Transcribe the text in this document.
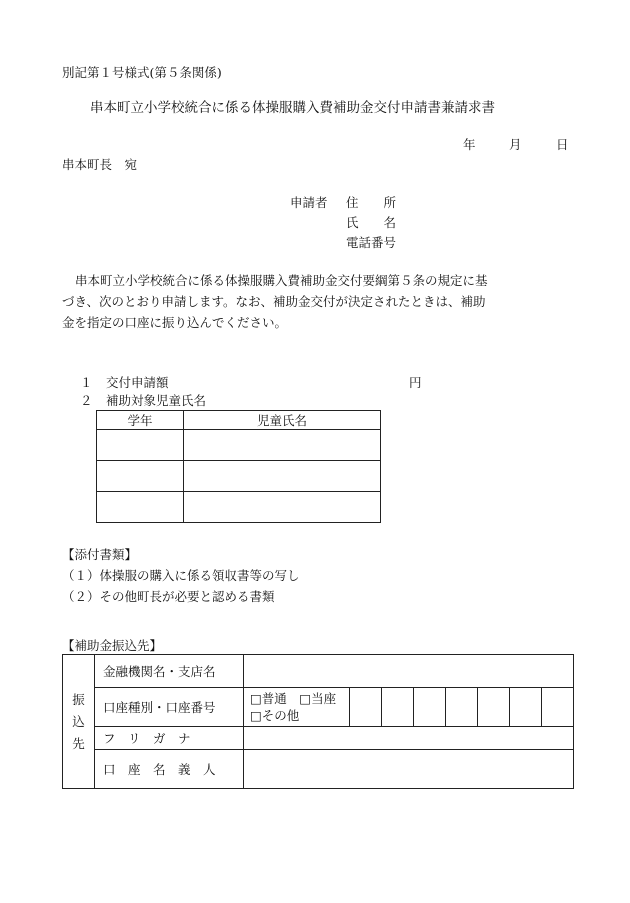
別記第１号様式(第５条関係)
串本町立小学校統合に係る体操服購入費補助金交付申請書兼請求書
年	月	日
串本町長　宛
申請者 住　　所
氏　　名
電話番号
串本町立小学校統合に係る体操服購入費補助金交付要綱第５条の規定に基
づき、次のとおり申請します。なお、補助金交付が決定されたときは、補助
金を指定の口座に振り込んでください。
１ 交付申請額	円
２ 補助対象児童氏名
学年	児童氏名

【添付書類】
（１）体操服の購入に係る領収書等の写し
（２）その他町長が必要と認める書類
【補助金振込先】
振
込
先	金融機関名・支店名								
	口座種別・口座番号	□普通　□当座
□その他							
	フ　リ　ガ　ナ								
	口　座　名　義　人								
